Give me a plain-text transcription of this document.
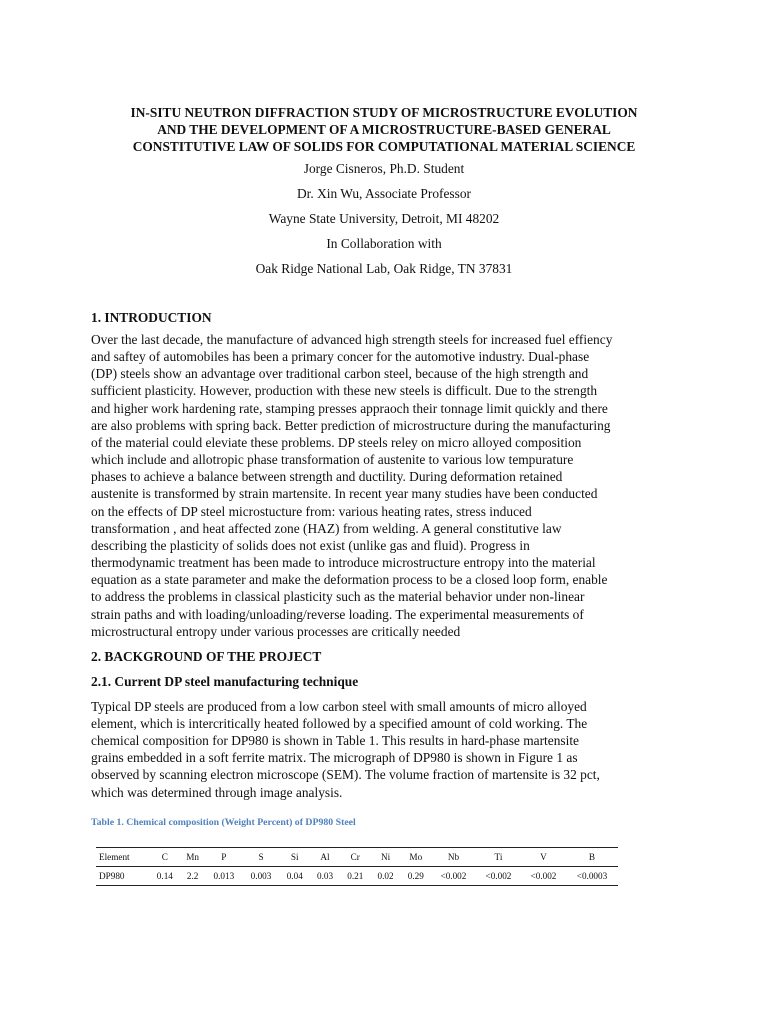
IN-SITU NEUTRON DIFFRACTION STUDY OF MICROSTRUCTURE EVOLUTION

AND THE DEVELOPMENT OF A MICROSTRUCTURE-BASED GENERAL

CONSTITUTIVE LAW OF SOLIDS FOR COMPUTATIONAL MATERIAL SCIENCE

Jorge Cisneros, Ph.D. Student

Dr. Xin Wu, Associate Professor

Wayne State University, Detroit, MI 48202

In Collaboration with

Oak Ridge National Lab, Oak Ridge, TN 37831

1. INTRODUCTION

Over the last decade, the manufacture of advanced high strength steels for increased fuel effiency

and saftey of automobiles has been a primary concer for the automotive industry. Dual-phase

(DP) steels show an advantage over traditional carbon steel, because of the high strength and

sufficient plasticity. However, production with these new steels is difficult. Due to the strength

and higher work hardening rate, stamping presses appraoch their tonnage limit quickly and there

are also problems with spring back. Better prediction of microstructure during the manufacturing

of the material could eleviate these problems. DP steels reley on micro alloyed composition

which include and allotropic phase transformation of austenite to various low tempurature

phases to achieve a balance between strength and ductility. During deformation retained

austenite is transformed by strain martensite. In recent year many studies have been conducted

on the effects of DP steel microstucture from: various heating rates, stress induced

transformation , and heat affected zone (HAZ) from welding. A general constitutive law

describing the plasticity of solids does not exist (unlike gas and fluid). Progress in

thermodynamic treatment has been made to introduce microstructure entropy into the material

equation as a state parameter and make the deformation process to be a closed loop form, enable

to address the problems in classical plasticity such as the material behavior under non-linear

strain paths and with loading/unloading/reverse loading. The experimental measurements of

microstructural entropy under various processes are critically needed

2. BACKGROUND OF THE PROJECT
2.1. Current DP steel manufacturing technique

Typical DP steels are produced from a low carbon steel with small amounts of micro alloyed

element, which is intercritically heated followed by a specified amount of cold working. The

chemical composition for DP980 is shown in Table 1. This results in hard-phase martensite

grains embedded in a soft ferrite matrix. The micrograph of DP980 is shown in Figure 1 as

observed by scanning electron microscope (SEM). The volume fraction of martensite is 32 pct,

which was determined through image analysis.

Table 1. Chemical composition (Weight Percent) of DP980 Steel

Element	C	Mn	P	S	Si	Al	Cr	Ni	Mo	Nb	Ti	V	B
DP980	0.14	2.2	0.013	0.003	0.04	0.03	0.21	0.02	0.29	<0.002	<0.002	<0.002	<0.0003
